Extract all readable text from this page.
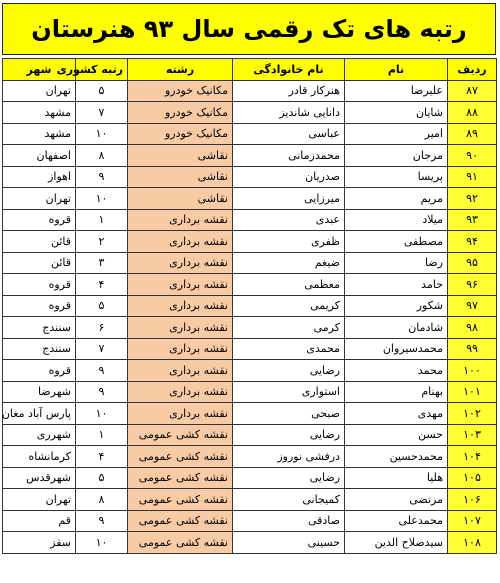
رتبه های تک رقمی سال ۹۳ هنرستان
ردیف	نام	نام خانوادگی	رشته	رتبه کشوری	شهر
۸۷	علیرضا	هنرکار قادر	مکانیک خودرو	۵	تهران
۸۸	شایان	دانایی شاندیز	مکانیک خودرو	۷	مشهد
۸۹	امیر	عباسی	مکانیک خودرو	۱۰	مشهد
۹۰	مرجان	محمدزمانی	نقاشی	۸	اصفهان
۹۱	پریسا	صدریان	نقاشی	۹	اهواز
۹۲	مریم	میرزایی	نقاشی	۱۰	تهران
۹۳	میلاد	عبدی	نقشه برداری	۱	قروه
۹۴	مصطفی	ظفری	نقشه برداری	۲	قائن
۹۵	رضا	ضیغم	نقشه برداری	۳	قائن
۹۶	حامد	معظمی	نقشه برداری	۴	قروه
۹۷	شکور	کریمی	نقشه برداری	۵	قروه
۹۸	شادمان	کرمی	نقشه برداری	۶	سنندج
۹۹	محمدسیروان	محمدی	نقشه برداری	۷	سنندج
۱۰۰	محمد	رضایی	نقشه برداری	۹	قروه
۱۰۱	بهنام	استواری	نقشه برداری	۹	شهرضا
۱۰۲	مهدی	صبحی	نقشه برداری	۱۰	پارس آباد مغان
۱۰۳	حسن	رضایی	نقشه کشی عمومی	۱	شهرری
۱۰۴	محمدحسین	درفشی نوروز	نقشه کشی عمومی	۴	کرمانشاه
۱۰۵	هلیا	رضایی	نقشه کشی عمومی	۵	شهرقدس
۱۰۶	مرتضی	کمیجانی	نقشه کشی عمومی	۸	تهران
۱۰۷	محمدعلی	صادقی	نقشه کشی عمومی	۹	قم
۱۰۸	سیدصلاح الدین	حسینی	نقشه کشی عمومی	۱۰	سقز
